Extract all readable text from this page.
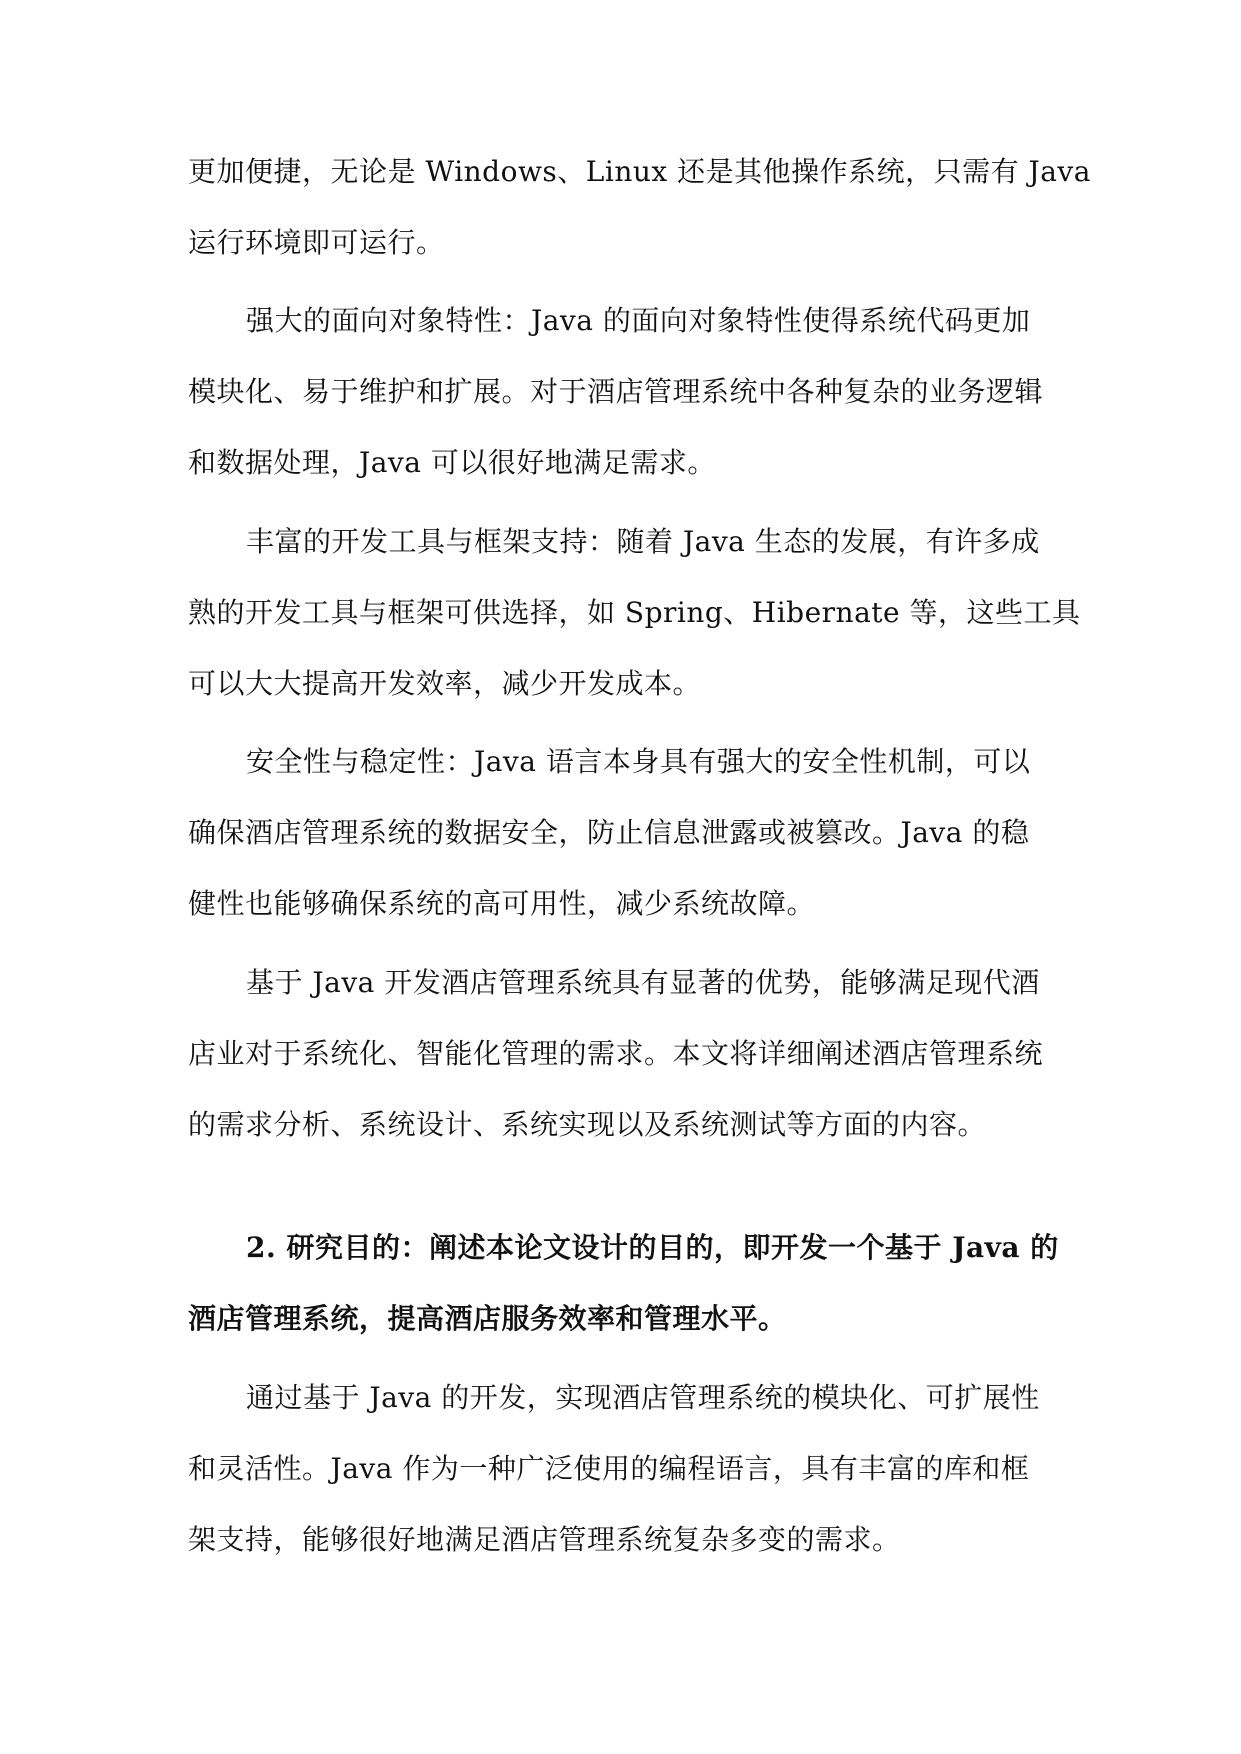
更加便捷，无论是 Windows、Linux 还是其他操作系统，只需有 Java
运行环境即可运行。
强大的面向对象特性：Java 的面向对象特性使得系统代码更加
模块化、易于维护和扩展。对于酒店管理系统中各种复杂的业务逻辑
和数据处理，Java 可以很好地满足需求。
丰富的开发工具与框架支持：随着 Java 生态的发展，有许多成
熟的开发工具与框架可供选择，如 Spring、Hibernate 等，这些工具
可以大大提高开发效率，减少开发成本。
安全性与稳定性：Java 语言本身具有强大的安全性机制，可以
确保酒店管理系统的数据安全，防止信息泄露或被篡改。Java 的稳
健性也能够确保系统的高可用性，减少系统故障。
基于 Java 开发酒店管理系统具有显著的优势，能够满足现代酒
店业对于系统化、智能化管理的需求。本文将详细阐述酒店管理系统
的需求分析、系统设计、系统实现以及系统测试等方面的内容。
2. 研究目的：阐述本论文设计的目的，即开发一个基于 Java 的
酒店管理系统，提高酒店服务效率和管理水平。
通过基于 Java 的开发，实现酒店管理系统的模块化、可扩展性
和灵活性。Java 作为一种广泛使用的编程语言，具有丰富的库和框
架支持，能够很好地满足酒店管理系统复杂多变的需求。
